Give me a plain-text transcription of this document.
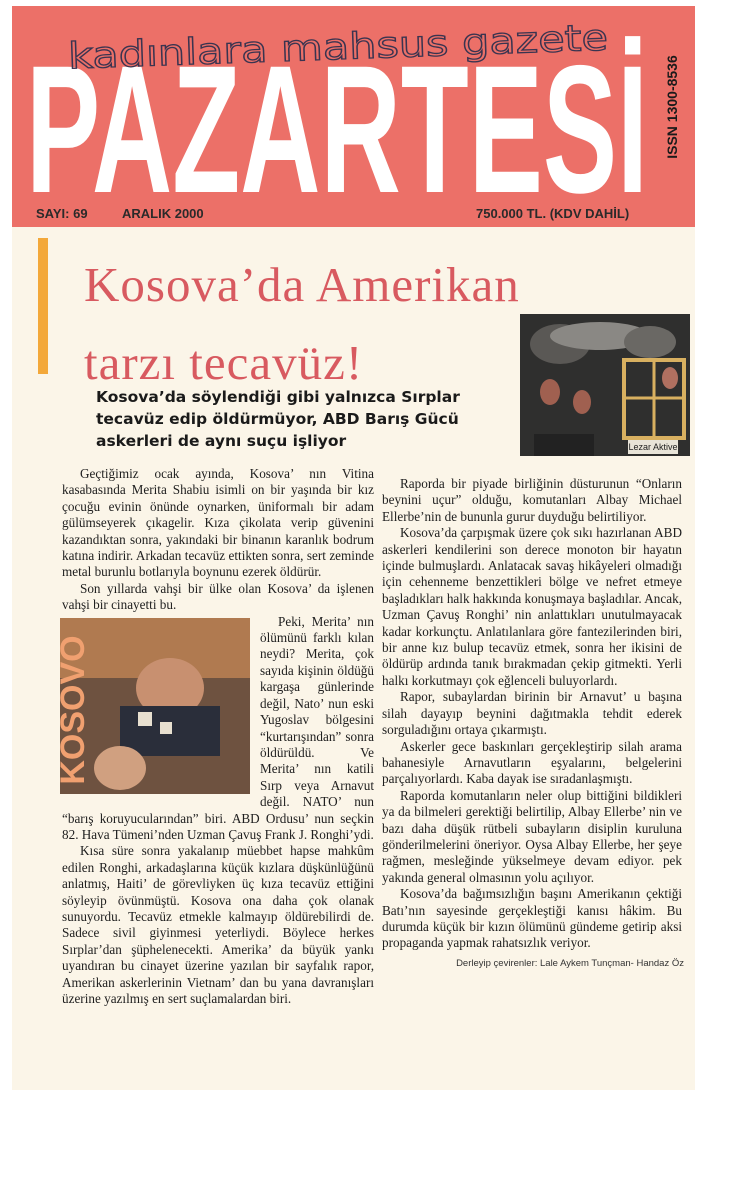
PAZARTESİ
kadınlara mahsus gazete
ISSN 1300-8536
SAYI: 69	ARALIK 2000	750.000 TL. (KDV DAHİL)
Kosova’da Amerikan
tarzı tecavüz!
Lezar Aktive

Kosova’da söylendiği gibi yalnızca Sırplar tecavüz edip öldürmüyor, ABD Barış Gücü askerleri de aynı suçu işliyor

Geçtiğimiz ocak ayında, Kosova’ nın Vitina kasabasında Merita Shabiu isimli on bir yaşında bir kız çocuğu evinin önünde oynarken, üniformalı bir adam gülümseyerek çıkagelir. Kıza çikolata verip güvenini kazandıktan sonra, yakındaki bir binanın karanlık bodrum katına indirir. Arkadan tecavüz ettikten sonra, sert zeminde metal burunlu botlarıyla boynunu ezerek öldürür.

Son yıllarda vahşi bir ülke olan Kosova’ da işlenen vahşi bir cinayetti bu.

KOSOVO

Peki, Merita’ nın ölümünü farklı kılan neydi? Merita, çok sayıda kişinin öldüğü kargaşa günlerinde değil, Nato’ nun eski Yugoslav bölgesini “kurtarışından” sonra öldürüldü. Ve Merita’ nın katili Sırp veya Arnavut değil. NATO’ nun “barış koruyucularından” biri. ABD Ordusu’ nun seçkin 82. Hava Tümeni’nden Uzman Çavuş Frank J. Ronghi’ydi.

Kısa süre sonra yakalanıp müebbet hapse mahkûm edilen Ronghi, arkadaşlarına küçük kızlara düşkünlüğünü anlatmış, Haiti’ de görevliyken üç kıza tecavüz ettiğini söyleyip övünmüştü. Kosova ona daha çok olanak sunuyordu. Tecavüz etmekle kalmayıp öldürebilirdi de. Sadece sivil giyinmesi yeterliydi. Böylece herkes Sırplar’dan şüphelenecekti. Amerika’ da büyük yankı uyandıran bu cinayet üzerine yazılan bir sayfalık rapor, Amerikan askerlerinin Vietnam’ dan bu yana davranışları üzerine yazılmış en sert suçlamalardan biri.

Raporda bir piyade birliğinin düsturunun “Onların beynini uçur” olduğu, komutanları Albay Michael Ellerbe’nin de bununla gurur duyduğu belirtiliyor.

Kosova’da çarpışmak üzere çok sıkı hazırlanan ABD askerleri kendilerini son derece monoton bir hayatın içinde bulmuşlardı. Anlatacak savaş hikâyeleri olmadığı için cehenneme benzettikleri bölge ve nefret etmeye başladıkları halk hakkında konuşmaya başladılar. Ancak, Uzman Çavuş Ronghi’ nin anlattıkları unutulmayacak kadar korkunçtu. Anlatılanlara göre fantezilerinden biri, bir anne kız bulup tecavüz etmek, sonra her ikisini de öldürüp ardında tanık bırakmadan çekip gitmekti. Yerli halkı korkutmayı çok eğlenceli buluyorlardı.

Rapor, subaylardan birinin bir Arnavut’ u başına silah dayayıp beynini dağıtmakla tehdit ederek sorguladığını ortaya çıkarmıştı.

Askerler gece baskınları gerçekleştirip silah arama bahanesiyle Arnavutların eşyalarını, belgelerini parçalıyorlardı. Kaba dayak ise sıradanlaşmıştı.

Raporda komutanların neler olup bittiğini bildikleri ya da bilmeleri gerektiği belirtilip, Albay Ellerbe’ nin ve bazı daha düşük rütbeli subayların disiplin kuruluna gönderilmelerini öneriyor. Oysa Albay Ellerbe, her şeye rağmen, mesleğinde yükselmeye devam ediyor. pek yakında general olmasının yolu açılıyor.

Kosova’da bağımsızlığın başını Amerikanın çektiği Batı’nın sayesinde gerçekleştiği kanısı hâkim. Bu durumda küçük bir kızın ölümünü gündeme getirip aksi propaganda yapmak rahatsızlık veriyor.

Derleyip çevirenler: Lale Aykem Tunçman- Handaz Öz
